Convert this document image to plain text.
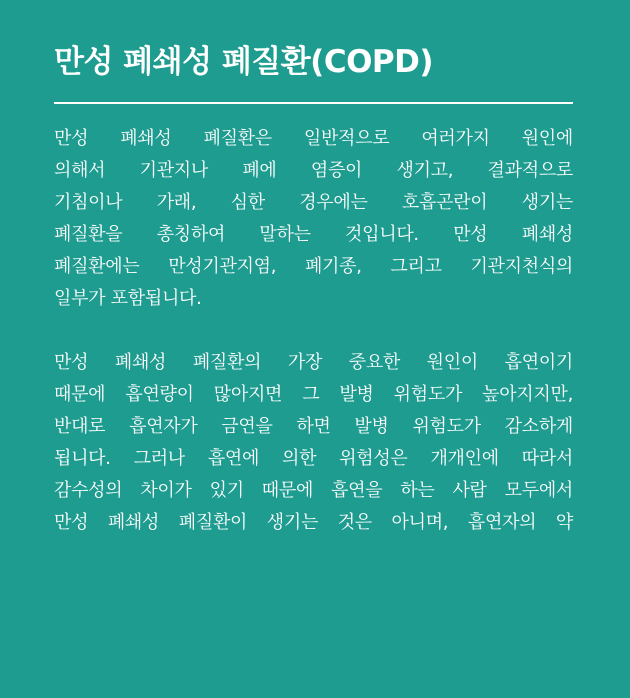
만성 폐쇄성 폐질환(COPD)

만성 폐쇄성 폐질환은 일반적으로 여러가지 원인에
의해서 기관지나 폐에 염증이 생기고, 결과적으로
기침이나 가래, 심한 경우에는 호흡곤란이 생기는
폐질환을 총칭하여 말하는 것입니다. 만성 폐쇄성
폐질환에는 만성기관지염, 폐기종, 그리고 기관지천식의
일부가 포함됩니다.

만성 폐쇄성 폐질환의 가장 중요한 원인이 흡연이기
때문에 흡연량이 많아지면 그 발병 위험도가 높아지지만,
반대로 흡연자가 금연을 하면 발병 위험도가 감소하게
됩니다. 그러나 흡연에 의한 위험성은 개개인에 따라서
감수성의 차이가 있기 때문에 흡연을 하는 사람 모두에서
만성 폐쇄성 폐질환이 생기는 것은 아니며, 흡연자의 약
